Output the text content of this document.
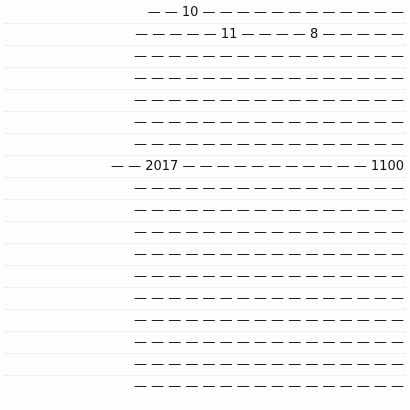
— — — — — — — — — — — — 10 — —
— — — — — 8 — — — — 11 — — — — —
— — — — — — — — — — — — — — — —
— — — — — — — — — — — — — — — —
— — — — — — — — — — — — — — — —
— — — — — — — — — — — — — — — —
— — — — — — — — — — — — — — — —
1100 — — — — — — — — — — — 2017 — —
— — — — — — — — — — — — — — — —
— — — — — — — — — — — — — — — —
— — — — — — — — — — — — — — — —
— — — — — — — — — — — — — — — —
— — — — — — — — — — — — — — — —
— — — — — — — — — — — — — — — —
— — — — — — — — — — — — — — — —
— — — — — — — — — — — — — — — —
— — — — — — — — — — — — — — — —
— — — — — — — — — — — — — — — —
